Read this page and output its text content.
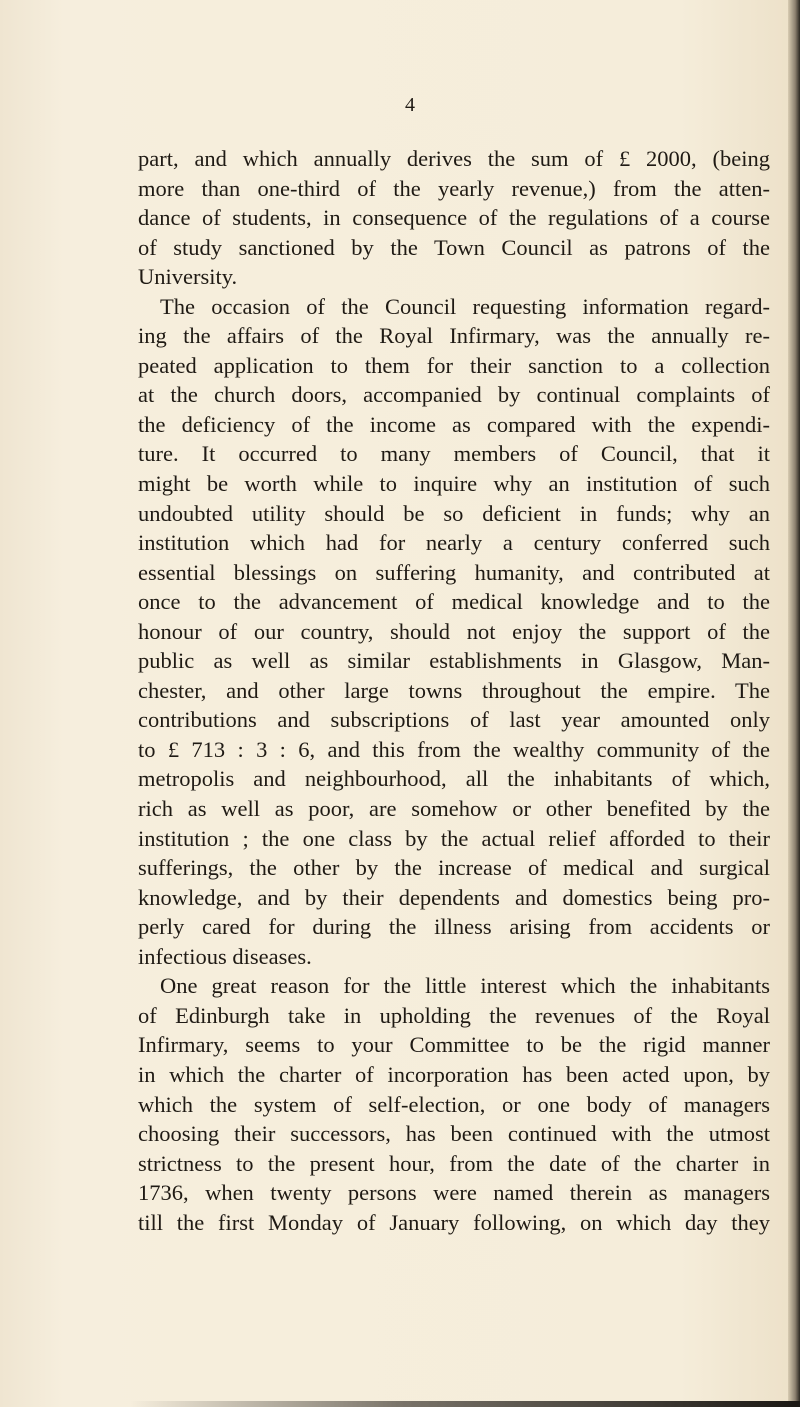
4
part, and which annually derives the sum of £ 2000, (being
more than one-third of the yearly revenue,) from the atten-
dance of students, in consequence of the regulations of a course
of study sanctioned by the Town Council as patrons of the
University.
The occasion of the Council requesting information regard-
ing the affairs of the Royal Infirmary, was the annually re-
peated application to them for their sanction to a collection
at the church doors, accompanied by continual complaints of
the deficiency of the income as compared with the expendi-
ture. It occurred to many members of Council, that it
might be worth while to inquire why an institution of such
undoubted utility should be so deficient in funds; why an
institution which had for nearly a century conferred such
essential blessings on suffering humanity, and contributed at
once to the advancement of medical knowledge and to the
honour of our country, should not enjoy the support of the
public as well as similar establishments in Glasgow, Man-
chester, and other large towns throughout the empire. The
contributions and subscriptions of last year amounted only
to £ 713 : 3 : 6, and this from the wealthy community of the
metropolis and neighbourhood, all the inhabitants of which,
rich as well as poor, are somehow or other benefited by the
institution ; the one class by the actual relief afforded to their
sufferings, the other by the increase of medical and surgical
knowledge, and by their dependents and domestics being pro-
perly cared for during the illness arising from accidents or
infectious diseases.
One great reason for the little interest which the inhabitants
of Edinburgh take in upholding the revenues of the Royal
Infirmary, seems to your Committee to be the rigid manner
in which the charter of incorporation has been acted upon, by
which the system of self-election, or one body of managers
choosing their successors, has been continued with the utmost
strictness to the present hour, from the date of the charter in
1736, when twenty persons were named therein as managers
till the first Monday of January following, on which day they
